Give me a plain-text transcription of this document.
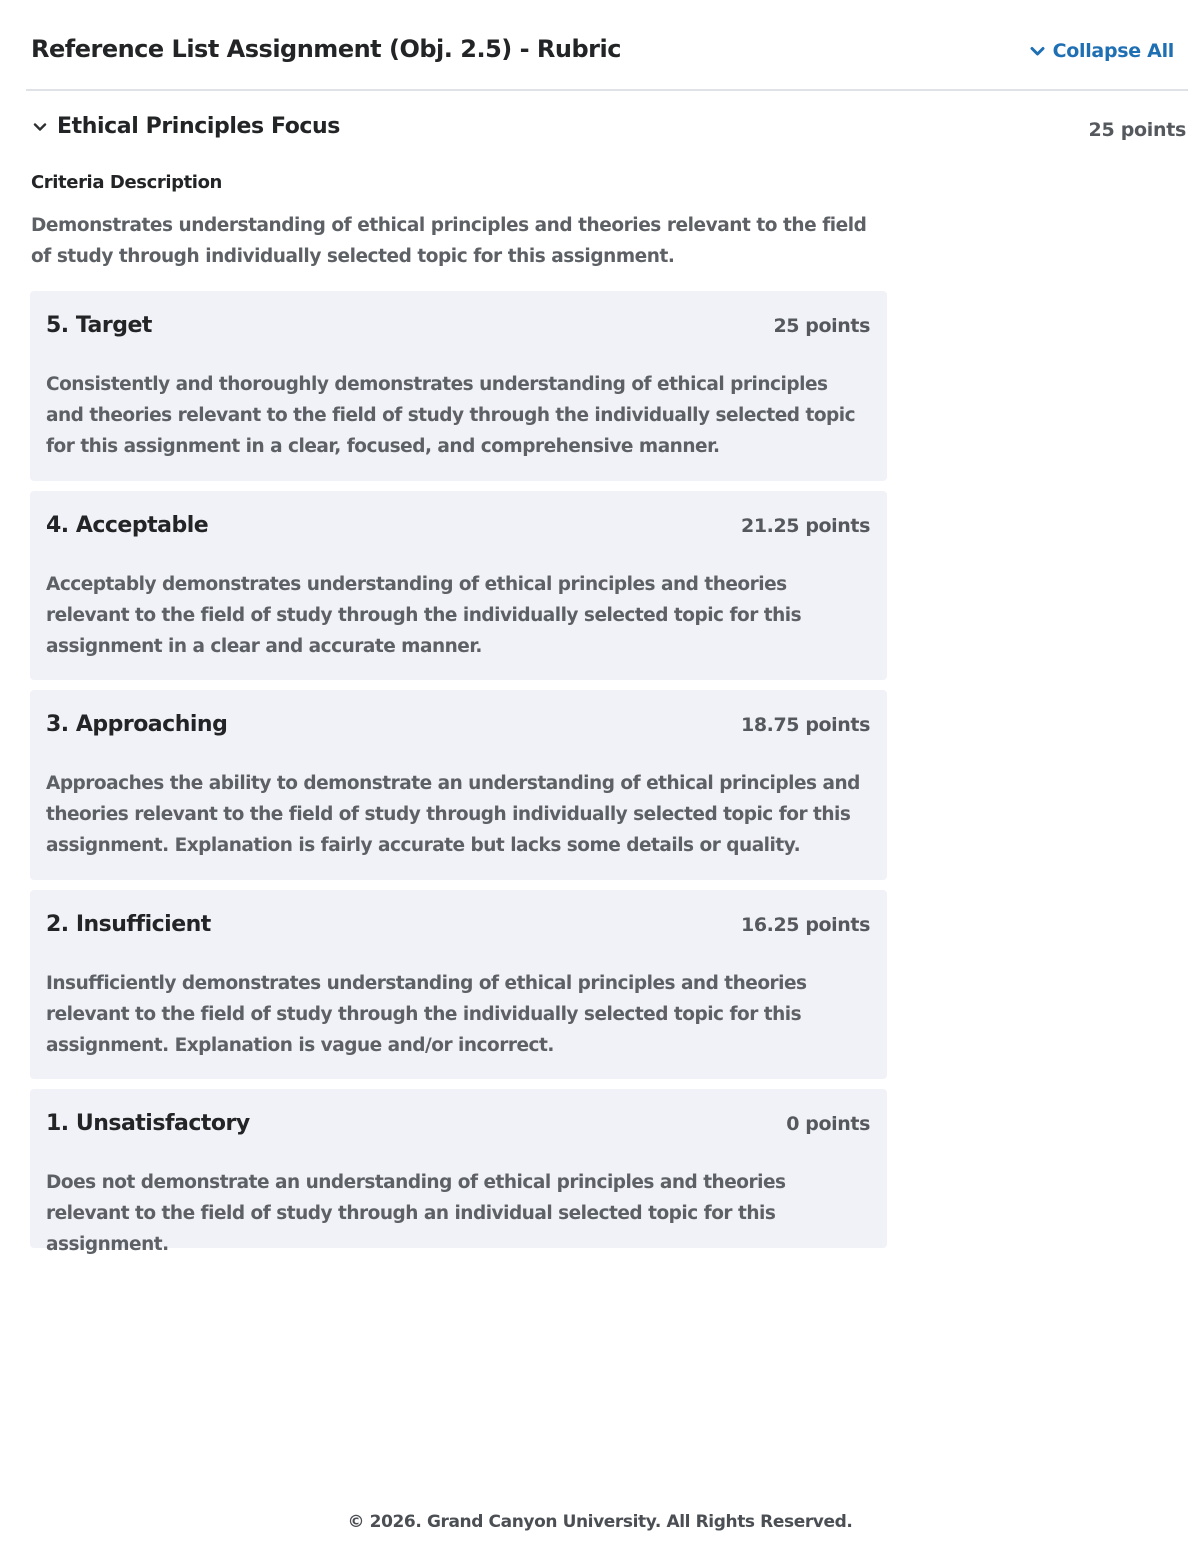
Reference List Assignment (Obj. 2.5) - Rubric	Collapse All
Ethical Principles Focus	25 points
Criteria Description
Demonstrates understanding of ethical principles and theories relevant to the field of study through individually selected topic for this assignment.
5. Target	25 points
Consistently and thoroughly demonstrates understanding of ethical principles and theories relevant to the field of study through the individually selected topic for this assignment in a clear, focused, and comprehensive manner.
4. Acceptable	21.25 points
Acceptably demonstrates understanding of ethical principles and theories relevant to the field of study through the individually selected topic for this assignment in a clear and accurate manner.
3. Approaching	18.75 points
Approaches the ability to demonstrate an understanding of ethical principles and theories relevant to the field of study through individually selected topic for this assignment. Explanation is fairly accurate but lacks some details or quality.
2. Insufficient	16.25 points
Insufficiently demonstrates understanding of ethical principles and theories relevant to the field of study through the individually selected topic for this assignment. Explanation is vague and/or incorrect.
1. Unsatisfactory	0 points
Does not demonstrate an understanding of ethical principles and theories relevant to the field of study through an individual selected topic for this assignment.
© 2026. Grand Canyon University. All Rights Reserved.
